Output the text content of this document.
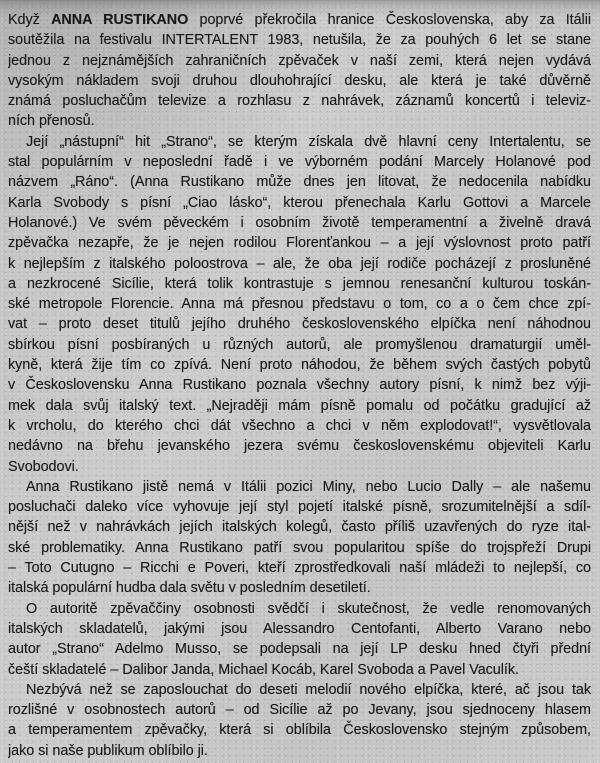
Když ANNA RUSTIKANO poprvé překročila hranice Československa, aby za Itálii
soutěžila na festivalu INTERTALENT 1983, netušila, že za pouhých 6 let se stane
jednou z nejznámějších zahraničních zpěvaček v naší zemi, která nejen vydává
vysokým nákladem svoji druhou dlouhohrající desku, ale která je také důvěrně
známá posluchačům televize a rozhlasu z nahrávek, záznamů koncertů i televiz-
ních přenosů.
Její „nástupní“ hit „Strano“, se kterým získala dvě hlavní ceny Intertalentu, se
stal populárním v neposlední řadě i ve výborném podání Marcely Holanové pod
názvem „Ráno“. (Anna Rustikano může dnes jen litovat, že nedocenila nabídku
Karla Svobody s písní „Ciao lásko“, kterou přenechala Karlu Gottovi a Marcele
Holanové.) Ve svém pěveckém i osobním životě temperamentní a živelně dravá
zpěvačka nezapře, že je nejen rodilou Florenťankou – a její výslovnost proto patří
k nejlepším z italského poloostrova – ale, že oba její rodiče pocházejí z prosluněné
a nezkrocené Sicílie, která tolik kontrastuje s jemnou renesanční kulturou toskán-
ské metropole Florencie. Anna má přesnou představu o tom, co a o čem chce zpí-
vat – proto deset titulů jejího druhého československého elpíčka není náhodnou
sbírkou písní posbíraných u různých autorů, ale promyšlenou dramaturgií uměl-
kyně, která žije tím co zpívá. Není proto náhodou, že během svých častých pobytů
v Československu Anna Rustikano poznala všechny autory písní, k nimž bez výji-
mek dala svůj italský text. „Nejraději mám písně pomalu od počátku gradující až
k vrcholu, do kterého chci dát všechno a chci v něm explodovat!“, vysvětlovala
nedávno na břehu jevanského jezera svému československému objeviteli Karlu
Svobodovi.
Anna Rustikano jistě nemá v Itálii pozici Miny, nebo Lucio Dally – ale našemu
posluchači daleko více vyhovuje její styl pojetí italské písně, srozumitelnější a sdíl-
nější než v nahrávkách jejích italských kolegů, často příliš uzavřených do ryze ital-
ské problematiky. Anna Rustikano patří svou popularitou spíše do trojspřeží Drupi
– Toto Cutugno – Ricchi e Poveri, kteří zprostředkovali naší mládeži to nejlepší, co
italská populární hudba dala světu v posledním desetiletí.
O autoritě zpěvaččiny osobnosti svědčí i skutečnost, že vedle renomovaných
italských skladatelů, jakými jsou Alessandro Centofanti, Alberto Varano nebo
autor „Strano“ Adelmo Musso, se podepsali na její LP desku hned čtyři přední
čeští skladatelé – Dalibor Janda, Michael Kocáb, Karel Svoboda a Pavel Vaculík.
Nezbývá než se zaposlouchat do deseti melodií nového elpíčka, které, ač jsou tak
rozlišné v osobnostech autorů – od Sicílie až po Jevany, jsou sjednoceny hlasem
a temperamentem zpěvačky, která si oblíbila Československo stejným způsobem,
jako si naše publikum oblíbilo ji.
